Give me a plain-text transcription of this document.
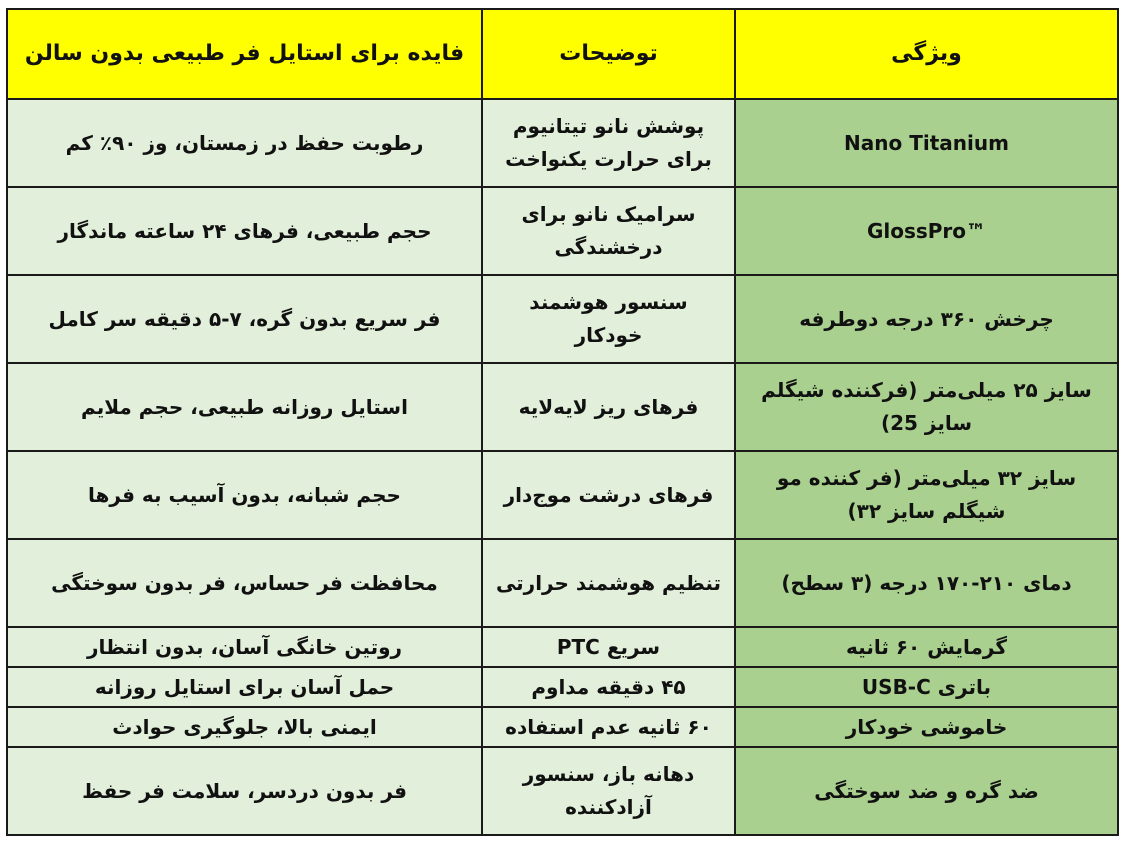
ویژگی	توضیحات	فایده برای استایل فر طبیعی بدون سالن
Nano Titanium	پوشش نانو تیتانیوم برای حرارت یکنواخت	رطوبت حفظ در زمستان، وز ۹۰٪ کم
GlossPro™	سرامیک نانو برای درخشندگی	حجم طبیعی، فرهای ۲۴ ساعته ماندگار
چرخش ۳۶۰ درجه دوطرفه	سنسور هوشمند خودکار	فر سریع بدون گره، ۷-۵ دقیقه سر کامل
سایز ۲۵ میلی‌متر (فرکننده شیگلم سایز 25)	فرهای ریز لایه‌لایه	استایل روزانه طبیعی، حجم ملایم
سایز ۳۲ میلی‌متر (فر کننده مو شیگلم سایز ۳۲)	فرهای درشت موج‌دار	حجم شبانه، بدون آسیب به فرها
دمای ۲۱۰-۱۷۰ درجه (۳ سطح)	تنظیم هوشمند حرارتی	محافظت فر حساس، فر بدون سوختگی
گرمایش ۶۰ ثانیه	سریع PTC	روتین خانگی آسان، بدون انتظار
باتری USB-C	۴۵ دقیقه مداوم	حمل آسان برای استایل روزانه
خاموشی خودکار	۶۰ ثانیه عدم استفاده	ایمنی بالا، جلوگیری حوادث
ضد گره و ضد سوختگی	دهانه باز، سنسور آزادکننده	فر بدون دردسر، سلامت فر حفظ
